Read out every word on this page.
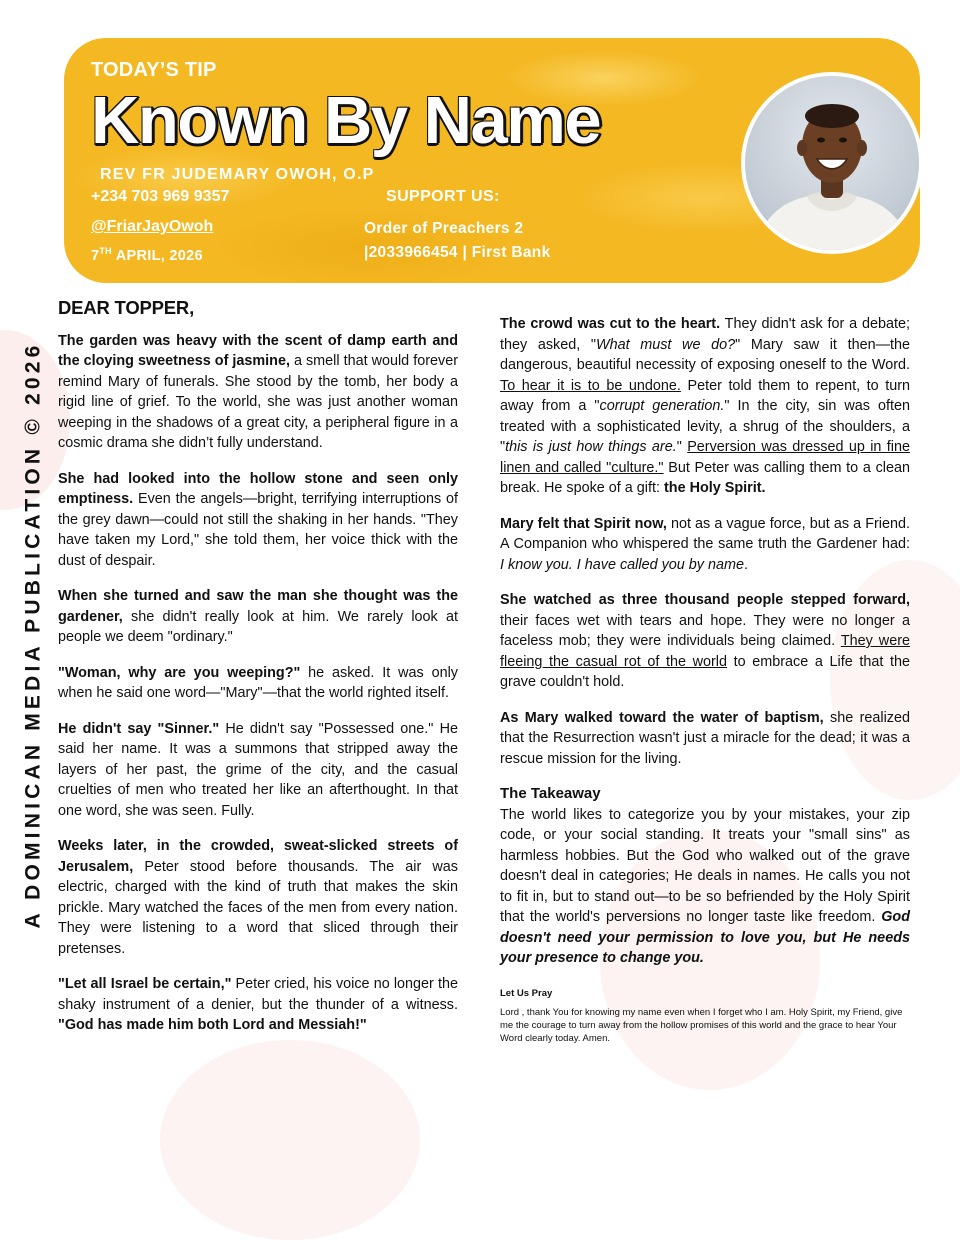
A DOMINICAN MEDIA PUBLICATION © 2026
TODAY’S TIP
Known By Name
REV FR JUDEMARY OWOH, O.P
+234 703 969 9357
@FriarJayOwoh
7TH APRIL, 2026
SUPPORT US:
Order of Preachers 2
|2033966454 | First Bank
DEAR TOPPER,

The garden was heavy with the scent of damp earth and the cloying sweetness of jasmine, a smell that would forever remind Mary of funerals. She stood by the tomb, her body a rigid line of grief. To the world, she was just another woman weeping in the shadows of a great city, a peripheral figure in a cosmic drama she didn’t fully understand.

She had looked into the hollow stone and seen only emptiness. Even the angels—bright, terrifying interruptions of the grey dawn—could not still the shaking in her hands. "They have taken my Lord," she told them, her voice thick with the dust of despair.

When she turned and saw the man she thought was the gardener, she didn't really look at him. We rarely look at people we deem "ordinary."

"Woman, why are you weeping?" he asked. It was only when he said one word—"Mary"—that the world righted itself.

He didn't say "Sinner." He didn't say "Possessed one." He said her name. It was a summons that stripped away the layers of her past, the grime of the city, and the casual cruelties of men who treated her like an afterthought. In that one word, she was seen. Fully.

Weeks later, in the crowded, sweat-slicked streets of Jerusalem, Peter stood before thousands. The air was electric, charged with the kind of truth that makes the skin prickle. Mary watched the faces of the men from every nation. They were listening to a word that sliced through their pretenses.

"Let all Israel be certain," Peter cried, his voice no longer the shaky instrument of a denier, but the thunder of a witness. "God has made him both Lord and Messiah!"

The crowd was cut to the heart. They didn't ask for a debate; they asked, "What must we do?" Mary saw it then—the dangerous, beautiful necessity of exposing oneself to the Word. To hear it is to be undone. Peter told them to repent, to turn away from a "corrupt generation." In the city, sin was often treated with a sophisticated levity, a shrug of the shoulders, a "this is just how things are." Perversion was dressed up in fine linen and called "culture." But Peter was calling them to a clean break. He spoke of a gift: the Holy Spirit.

Mary felt that Spirit now, not as a vague force, but as a Friend. A Companion who whispered the same truth the Gardener had: I know you. I have called you by name.

She watched as three thousand people stepped forward, their faces wet with tears and hope. They were no longer a faceless mob; they were individuals being claimed. They were fleeing the casual rot of the world to embrace a Life that the grave couldn't hold.

As Mary walked toward the water of baptism, she realized that the Resurrection wasn't just a miracle for the dead; it was a rescue mission for the living.

The Takeaway

The world likes to categorize you by your mistakes, your zip code, or your social standing. It treats your "small sins" as harmless hobbies. But the God who walked out of the grave doesn't deal in categories; He deals in names. He calls you not to fit in, but to stand out—to be so befriended by the Holy Spirit that the world's perversions no longer taste like freedom. God doesn't need your permission to love you, but He needs your presence to change you.

Let Us Pray

Lord , thank You for knowing my name even when I forget who I am. Holy Spirit, my Friend, give me the courage to turn away from the hollow promises of this world and the grace to hear Your Word clearly today. Amen.
